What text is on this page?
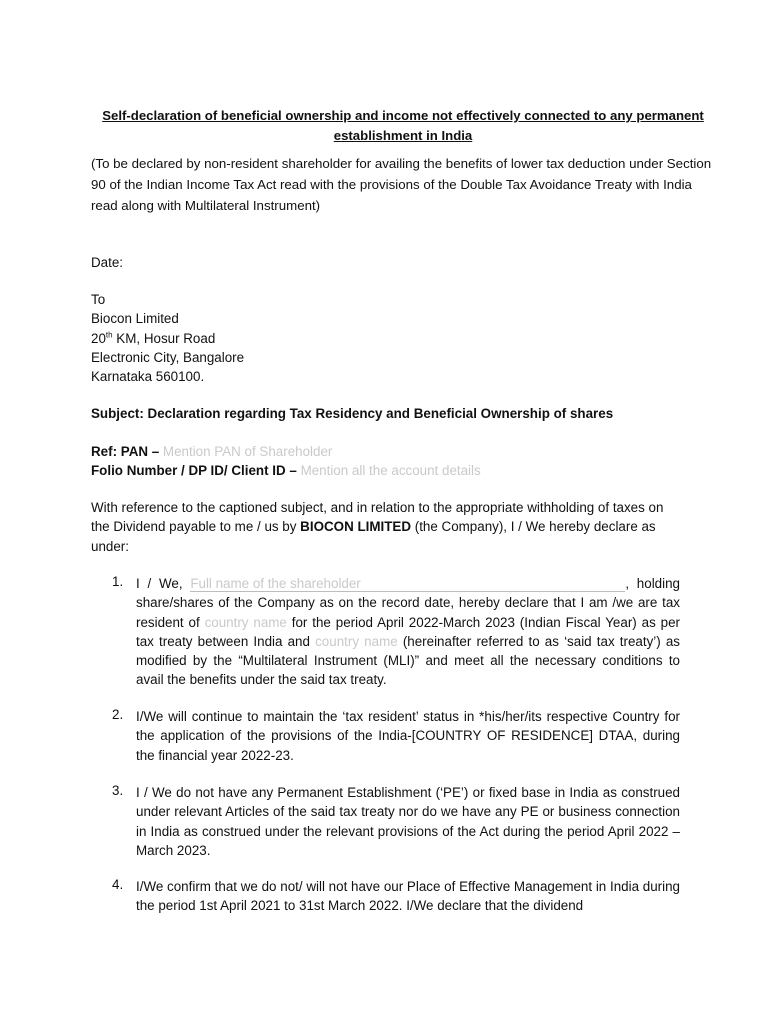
Self-declaration of beneficial ownership and income not effectively connected to any permanent establishment in India
(To be declared by non-resident shareholder for availing the benefits of lower tax deduction under Section 90 of the Indian Income Tax Act read with the provisions of the Double Tax Avoidance Treaty with India read along with Multilateral Instrument)
Date:
To
Biocon Limited
20th KM, Hosur Road
Electronic City, Bangalore
Karnataka 560100.
Subject: Declaration regarding Tax Residency and Beneficial Ownership of shares
Ref: PAN – Mention PAN of Shareholder
Folio Number / DP ID/ Client ID – Mention all the account details
With reference to the captioned subject, and in relation to the appropriate withholding of taxes on the Dividend payable to me / us by BIOCON LIMITED (the Company), I / We hereby declare as under:
1. I / We, Full name of the shareholder	, holding share/shares of the Company as on the record date, hereby declare that I am /we are tax resident of country name for the period April 2022-March 2023 (Indian Fiscal Year) as per tax treaty between India and country name (hereinafter referred to as ‘said tax treaty’) as modified by the “Multilateral Instrument (MLI)” and meet all the necessary conditions to avail the benefits under the said tax treaty.
2. I/We will continue to maintain the ‘tax resident’ status in *his/her/its respective Country for the application of the provisions of the India-[COUNTRY OF RESIDENCE] DTAA, during the financial year 2022-23.
3. I / We do not have any Permanent Establishment (‘PE’) or fixed base in India as construed under relevant Articles of the said tax treaty nor do we have any PE or business connection in India as construed under the relevant provisions of the Act during the period April 2022 – March 2023.
4. I/We confirm that we do not/ will not have our Place of Effective Management in India during the period 1st April 2021 to 31st March 2022. I/We declare that the dividend
